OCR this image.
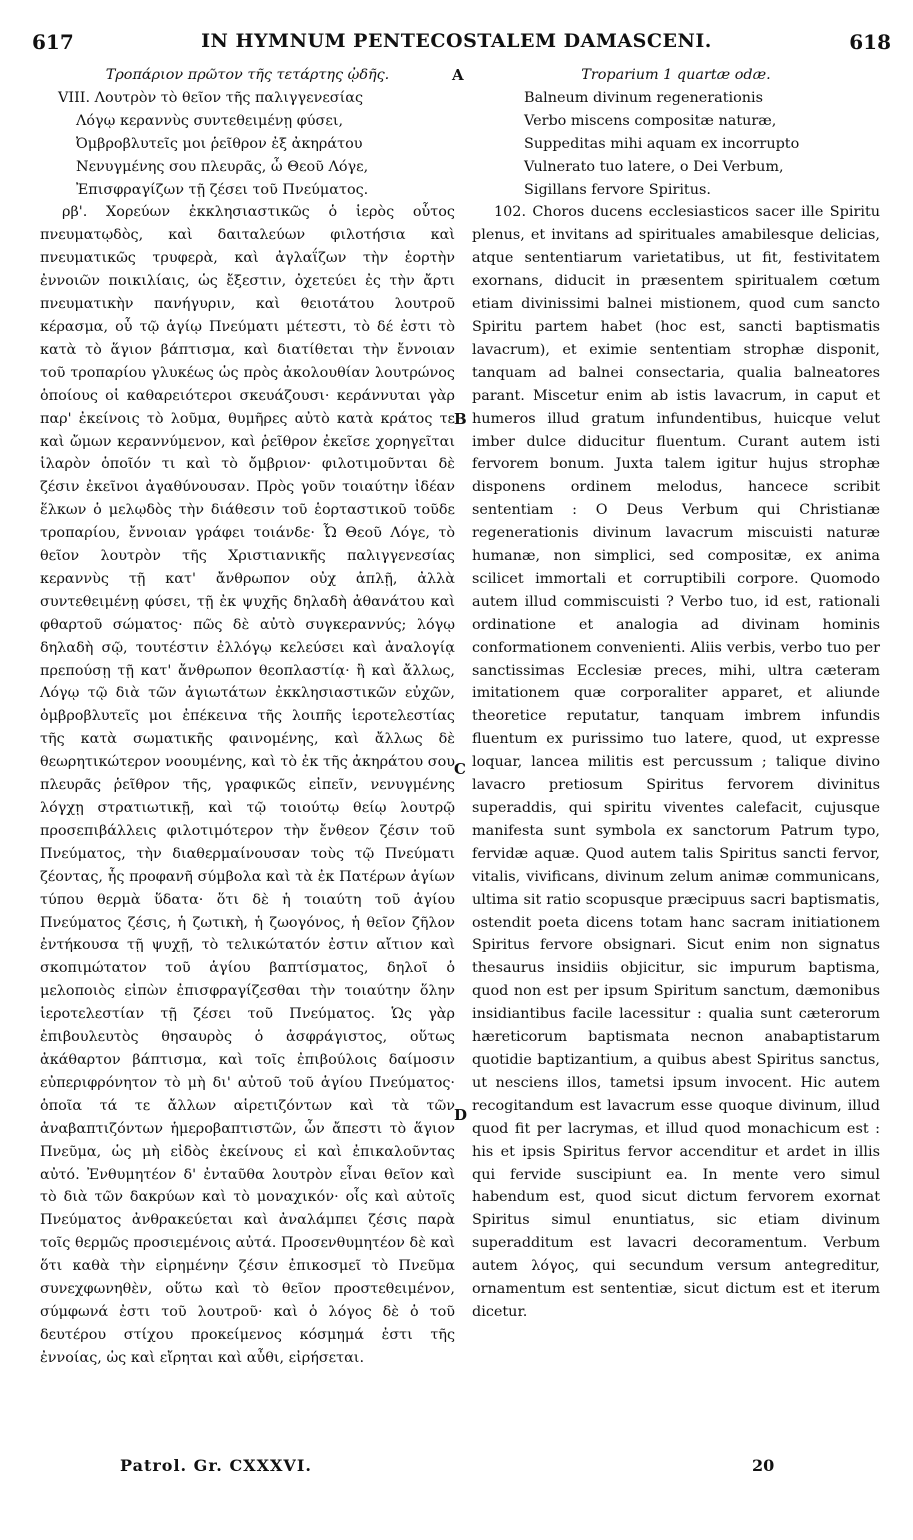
617	IN HYMNUM PENTECOSTALEM DAMASCENI.	618
Τροπάριον πρῶτον τῆς τετάρτης ᾠδῆς.
VIII. Λουτρὸν τὸ θεῖον τῆς παλιγγενεσίας
Λόγῳ κεραννὺς συντεθειμένῃ φύσει,
Ὀμβροβλυτεῖς μοι ῥεῖθρον ἐξ ἀκηράτου
Νενυγμένης σου πλευρᾶς, ὦ Θεοῦ Λόγε,
Ἐπισφραγίζων τῇ ζέσει τοῦ Πνεύματος.

ρβ'. Χορεύων ἐκκλησιαστικῶς ὁ ἱερὸς οὗτος πνευματῳδὸς, καὶ δαιταλεύων φιλοτήσια καὶ πνευματικῶς τρυφερὰ, καὶ ἀγλαΐζων τὴν ἑορτὴν ἐννοιῶν ποικιλίαις, ὡς ἔξεστιν, ὀχετεύει ἐς τὴν ἄρτι πνευματικὴν πανήγυριν, καὶ θειοτάτου λουτροῦ κέρασμα, οὗ τῷ ἁγίῳ Πνεύματι μέτεστι, τὸ δέ ἐστι τὸ κατὰ τὸ ἅγιον βάπτισμα, καὶ διατίθεται τὴν ἔννοιαν τοῦ τροπαρίου γλυκέως ὡς πρὸς ἀκολουθίαν λουτρώνος ὁποίους οἱ καθαρειότεροι σκευάζουσι· κεράννυται γὰρ παρ' ἐκείνοις τὸ λοῦμα, θυμῆρες αὐτὸ κατὰ κράτος τε καὶ ὤμων κεραννύμενον, καὶ ῥεῖθρον ἐκεῖσε χορηγεῖται ἱλαρὸν ὁποῖόν τι καὶ τὸ ὄμβριον· φιλοτιμοῦνται δὲ ζέσιν ἐκεῖνοι ἀγαθύνουσαν. Πρὸς γοῦν τοιαύτην ἰδέαν ἕλκων ὁ μελῳδὸς τὴν διάθεσιν τοῦ ἑορταστικοῦ τοῦδε τροπαρίου, ἔννοιαν γράφει τοιάνδε· Ὦ Θεοῦ Λόγε, τὸ θεῖον λουτρὸν τῆς Χριστιανικῆς παλιγγενεσίας κεραννὺς τῇ κατ' ἄνθρωπον οὐχ ἁπλῇ, ἀλλὰ συντεθειμένῃ φύσει, τῇ ἐκ ψυχῆς δηλαδὴ ἀθανάτου καὶ φθαρτοῦ σώματος· πῶς δὲ αὐτὸ συγκεραννύς; λόγῳ δηλαδὴ σῷ, τουτέστιν ἐλλόγῳ κελεύσει καὶ ἀναλογίᾳ πρεπούσῃ τῇ κατ' ἄνθρωπον θεοπλαστίᾳ· ἢ καὶ ἄλλως, Λόγῳ τῷ διὰ τῶν ἁγιωτάτων ἐκκλησιαστικῶν εὐχῶν, ὀμβροβλυτεῖς μοι ἐπέκεινα τῆς λοιπῆς ἱεροτελεστίας τῆς κατὰ σωματικῆς φαινομένης, καὶ ἄλλως δὲ θεωρητικώτερον νοουμένης, καὶ τὸ ἐκ τῆς ἀκηράτου σου πλευρᾶς ῥεῖθρον τῆς, γραφικῶς εἰπεῖν, νενυγμένης λόγχῃ στρατιωτικῇ, καὶ τῷ τοιούτῳ θείῳ λουτρῷ προσεπιβάλλεις φιλοτιμότερον τὴν ἔνθεον ζέσιν τοῦ Πνεύματος, τὴν διαθερμαίνουσαν τοὺς τῷ Πνεύματι ζέοντας, ἧς προφανῆ σύμβολα καὶ τὰ ἐκ Πατέρων ἁγίων τύπου θερμὰ ὕδατα· ὅτι δὲ ἡ τοιαύτη τοῦ ἁγίου Πνεύματος ζέσις, ἡ ζωτικὴ, ἡ ζωογόνος, ἡ θεῖον ζῆλον ἐντήκουσα τῇ ψυχῇ, τὸ τελικώτατόν ἐστιν αἴτιον καὶ σκοπιμώτατον τοῦ ἁγίου βαπτίσματος, δηλοῖ ὁ μελοποιὸς εἰπὼν ἐπισφραγίζεσθαι τὴν τοιαύτην ὅλην ἱεροτελεστίαν τῇ ζέσει τοῦ Πνεύματος. Ὡς γὰρ ἐπιβουλευτὸς θησαυρὸς ὁ ἀσφράγιστος, οὕτως ἀκάθαρτον βάπτισμα, καὶ τοῖς ἐπιβούλοις δαίμοσιν εὐπεριφρόνητον τὸ μὴ δι' αὐτοῦ τοῦ ἁγίου Πνεύματος· ὁποῖα τά τε ἄλλων αἱρετιζόντων καὶ τὰ τῶν ἀναβαπτιζόντων ἡμεροβαπτιστῶν, ὧν ἄπεστι τὸ ἅγιον Πνεῦμα, ὡς μὴ εἰδὸς ἐκείνους εἰ καὶ ἐπικαλοῦντας αὐτό. Ἐνθυμητέον δ' ἐνταῦθα λουτρὸν εἶναι θεῖον καὶ τὸ διὰ τῶν δακρύων καὶ τὸ μοναχικόν· οἷς καὶ αὐτοῖς Πνεύματος ἀνθρακεύεται καὶ ἀναλάμπει ζέσις παρὰ τοῖς θερμῶς προσιεμένοις αὐτά. Προσενθυμητέον δὲ καὶ ὅτι καθὰ τὴν εἰρημένην ζέσιν ἐπικοσμεῖ τὸ Πνεῦμα συνεχφωνηθὲν, οὕτω καὶ τὸ θεῖον προστεθειμένον, σύμφωνά ἐστι τοῦ λουτροῦ· καὶ ὁ λόγος δὲ ὁ τοῦ δευτέρου στίχου προκείμενος κόσμημά ἐστι τῆς ἐννοίας, ὡς καὶ εἴρηται καὶ αὖθι, εἰρήσεται.

Troparium 1 quartæ odæ.
Balneum divinum regenerationis
Verbo miscens compositæ naturæ,
Suppeditas mihi aquam ex incorrupto
Vulnerato tuo latere, o Dei Verbum,
Sigillans fervore Spiritus.

102. Choros ducens ecclesiasticos sacer ille Spiritu plenus, et invitans ad spirituales amabilesque delicias, atque sententiarum varietatibus, ut fit, festivitatem exornans, diducit in præsentem spiritualem cœtum etiam divinissimi balnei mistionem, quod cum sancto Spiritu partem habet (hoc est, sancti baptismatis lavacrum), et eximie sententiam strophæ disponit, tanquam ad balnei consectaria, qualia balneatores parant. Miscetur enim ab istis lavacrum, in caput et humeros illud gratum infundentibus, huicque velut imber dulce diducitur fluentum. Curant autem isti fervorem bonum. Juxta talem igitur hujus strophæ disponens ordinem melodus, hancece scribit sententiam : O Deus Verbum qui Christianæ regenerationis divinum lavacrum miscuisti naturæ humanæ, non simplici, sed compositæ, ex anima scilicet immortali et corruptibili corpore. Quomodo autem illud commiscuisti ? Verbo tuo, id est, rationali ordinatione et analogia ad divinam hominis conformationem convenienti. Aliis verbis, verbo tuo per sanctissimas Ecclesiæ preces, mihi, ultra cæteram imitationem quæ corporaliter apparet, et aliunde theoretice reputatur, tanquam imbrem infundis fluentum ex purissimo tuo latere, quod, ut expresse loquar, lancea militis est percussum ; talique divino lavacro pretiosum Spiritus fervorem divinitus superaddis, qui spiritu viventes calefacit, cujusque manifesta sunt symbola ex sanctorum Patrum typo, fervidæ aquæ. Quod autem talis Spiritus sancti fervor, vitalis, vivificans, divinum zelum animæ communicans, ultima sit ratio scopusque præcipuus sacri baptismatis, ostendit poeta dicens totam hanc sacram initiationem Spiritus fervore obsignari. Sicut enim non signatus thesaurus insidiis objicitur, sic impurum baptisma, quod non est per ipsum Spiritum sanctum, dæmonibus insidiantibus facile lacessitur : qualia sunt cæterorum hæreticorum baptismata necnon anabaptistarum quotidie baptizantium, a quibus abest Spiritus sanctus, ut nesciens illos, tametsi ipsum invocent. Hic autem recogitandum est lavacrum esse quoque divinum, illud quod fit per lacrymas, et illud quod monachicum est : his et ipsis Spiritus fervor accenditur et ardet in illis qui fervide suscipiunt ea. In mente vero simul habendum est, quod sicut dictum fervorem exornat Spiritus simul enuntiatus, sic etiam divinum superadditum est lavacri decoramentum. Verbum autem λόγος, qui secundum versum antegreditur, ornamentum est sententiæ, sicut dictum est et iterum dicetur.

A
B
C
D
Patrol. Gr. CXXXVI.	20
